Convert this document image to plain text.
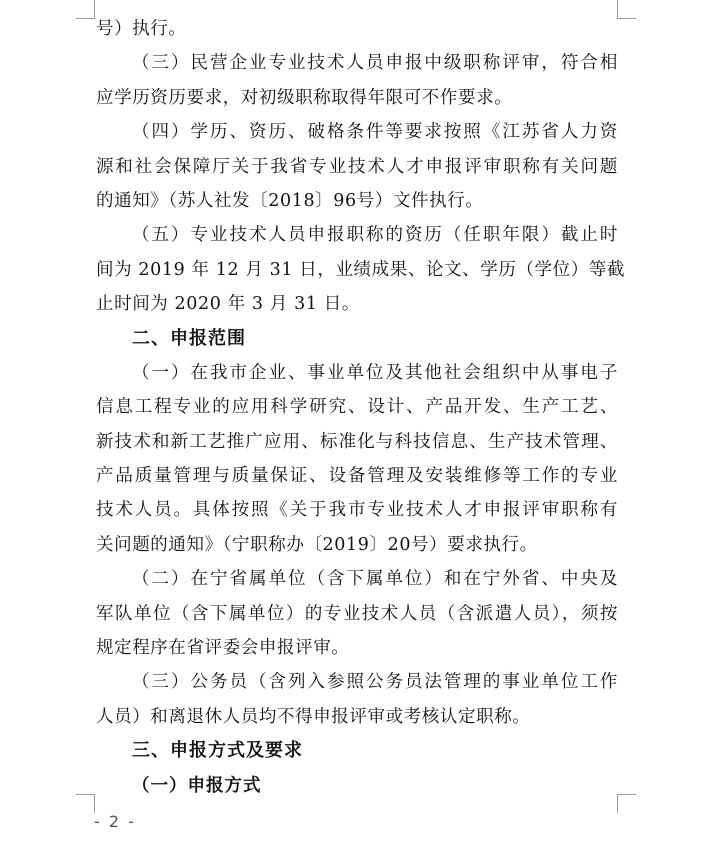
号）执行。
（三）民营企业专业技术人员申报中级职称评审，符合相
应学历资历要求，对初级职称取得年限可不作要求。
（四）学历、资历、破格条件等要求按照《江苏省人力资
源和社会保障厅关于我省专业技术人才申报评审职称有关问题
的通知》（苏人社发〔2018〕96号）文件执行。
（五）专业技术人员申报职称的资历（任职年限）截止时
间为 2019 年 12 月 31 日，业绩成果、论文、学历（学位）等截
止时间为 2020 年 3 月 31 日。
二、申报范围
（一）在我市企业、事业单位及其他社会组织中从事电子
信息工程专业的应用科学研究、设计、产品开发、生产工艺、
新技术和新工艺推广应用、标准化与科技信息、生产技术管理、
产品质量管理与质量保证、设备管理及安装维修等工作的专业
技术人员。具体按照《关于我市专业技术人才申报评审职称有
关问题的通知》（宁职称办〔2019〕20号）要求执行。
（二）在宁省属单位（含下属单位）和在宁外省、中央及
军队单位（含下属单位）的专业技术人员（含派遣人员），须按
规定程序在省评委会申报评审。
（三）公务员（含列入参照公务员法管理的事业单位工作
人员）和离退休人员均不得申报评审或考核认定职称。
三、申报方式及要求
（一）申报方式
- 2 -
